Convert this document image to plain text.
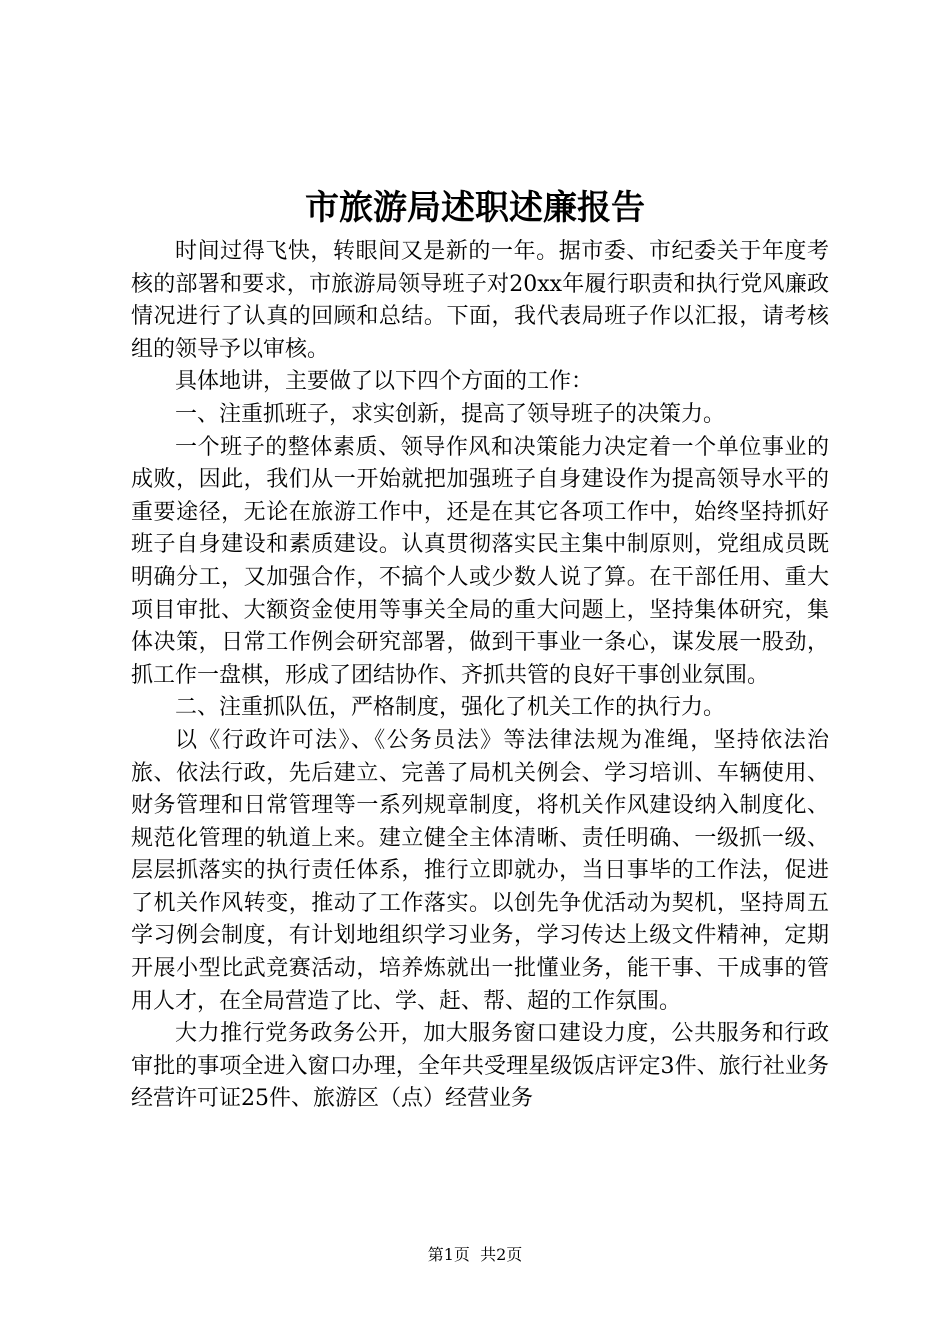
市旅游局述职述廉报告

时间过得飞快，转眼间又是新的一年。据市委、市纪委关于年度考核的部署和要求，市旅游局领导班子对20xx年履行职责和执行党风廉政情况进行了认真的回顾和总结。下面，我代表局班子作以汇报，请考核组的领导予以审核。

具体地讲，主要做了以下四个方面的工作：

一、注重抓班子，求实创新，提高了领导班子的决策力。

一个班子的整体素质、领导作风和决策能力决定着一个单位事业的成败，因此，我们从一开始就把加强班子自身建设作为提高领导水平的重要途径，无论在旅游工作中，还是在其它各项工作中，始终坚持抓好班子自身建设和素质建设。认真贯彻落实民主集中制原则，党组成员既明确分工，又加强合作，不搞个人或少数人说了算。在干部任用、重大项目审批、大额资金使用等事关全局的重大问题上，坚持集体研究，集体决策，日常工作例会研究部署，做到干事业一条心，谋发展一股劲，抓工作一盘棋，形成了团结协作、齐抓共管的良好干事创业氛围。

二、注重抓队伍，严格制度，强化了机关工作的执行力。

以《行政许可法》、《公务员法》等法律法规为准绳，坚持依法治旅、依法行政，先后建立、完善了局机关例会、学习培训、车辆使用、财务管理和日常管理等一系列规章制度，将机关作风建设纳入制度化、规范化管理的轨道上来。建立健全主体清晰、责任明确、一级抓一级、层层抓落实的执行责任体系，推行立即就办，当日事毕的工作法，促进了机关作风转变，推动了工作落实。以创先争优活动为契机，坚持周五学习例会制度，有计划地组织学习业务，学习传达上级文件精神，定期开展小型比武竞赛活动，培养炼就出一批懂业务，能干事、干成事的管用人才，在全局营造了比、学、赶、帮、超的工作氛围。

大力推行党务政务公开，加大服务窗口建设力度，公共服务和行政审批的事项全进入窗口办理，全年共受理星级饭店评定3件、旅行社业务经营许可证25件、旅游区（点）经营业务

第1页  共2页
